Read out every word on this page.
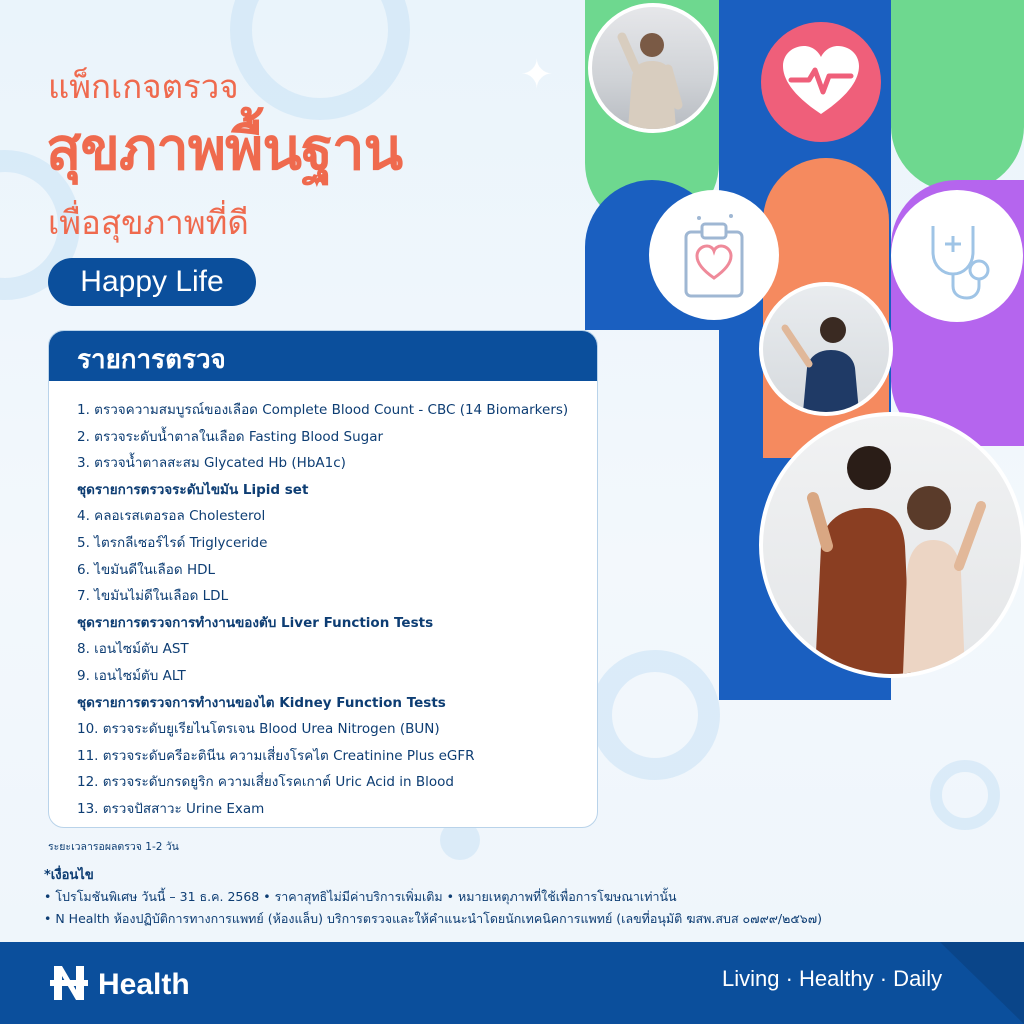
✦
แพ็กเกจตรวจ
สุขภาพพื้นฐาน
เพื่อสุขภาพที่ดี
Happy Life
รายการตรวจ
1. ตรวจความสมบูรณ์ของเลือด Complete Blood Count - CBC (14 Biomarkers)
2. ตรวจระดับน้ำตาลในเลือด Fasting Blood Sugar
3. ตรวจน้ำตาลสะสม Glycated Hb (HbA1c)
ชุดรายการตรวจระดับไขมัน Lipid set
4. คลอเรสเตอรอล Cholesterol
5. ไตรกลีเซอร์ไรด์ Triglyceride
6. ไขมันดีในเลือด HDL
7. ไขมันไม่ดีในเลือด LDL
ชุดรายการตรวจการทำงานของตับ Liver Function Tests
8. เอนไซม์ตับ AST
9. เอนไซม์ตับ ALT
ชุดรายการตรวจการทำงานของไต Kidney Function Tests
10. ตรวจระดับยูเรียไนโตรเจน Blood Urea Nitrogen (BUN)
11. ตรวจระดับครีอะตินีน ความเสี่ยงโรคไต Creatinine Plus eGFR
12. ตรวจระดับกรดยูริก ความเสี่ยงโรคเกาต์ Uric Acid in Blood
13. ตรวจปัสสาวะ Urine Exam
ระยะเวลารอผลตรวจ 1-2 วัน
*เงื่อนไข
• โปรโมชันพิเศษ วันนี้ – 31 ธ.ค. 2568 • ราคาสุทธิไม่มีค่าบริการเพิ่มเติม • หมายเหตุภาพที่ใช้เพื่อการโฆษณาเท่านั้น
• N Health ห้องปฏิบัติการทางการแพทย์ (ห้องแล็บ) บริการตรวจและให้คำแนะนำโดยนักเทคนิคการแพทย์ (เลขที่อนุมัติ ฆสพ.สบส ๐๗๙๙/๒๕๖๗)
Health	Living · Healthy · Daily
